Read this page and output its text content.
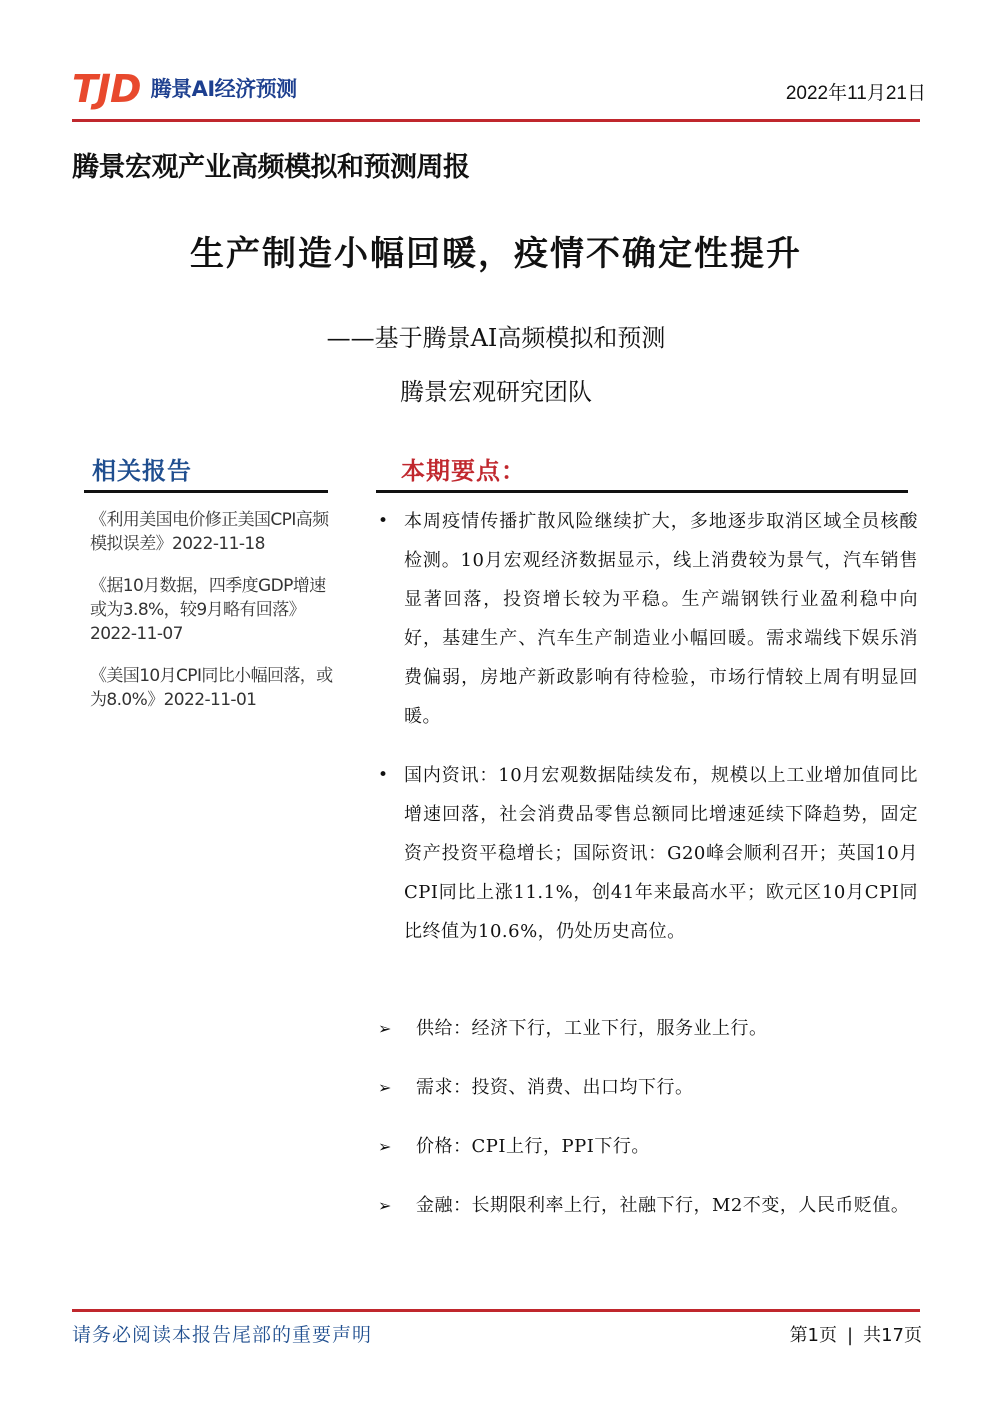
TJD 腾景AI经济预测	2022年11月21日
腾景宏观产业高频模拟和预测周报
生产制造小幅回暖，疫情不确定性提升
——基于腾景AI高频模拟和预测
腾景宏观研究团队
相关报告
《利用美国电价修正美国CPI高频模拟误差》2022-11-18
《据10月数据，四季度GDP增速或为3.8%，较9月略有回落》2022-11-07
《美国10月CPI同比小幅回落，或为8.0%》2022-11-01
本期要点：
• 本周疫情传播扩散风险继续扩大，多地逐步取消区域全员核酸检测。10月宏观经济数据显示，线上消费较为景气，汽车销售显著回落，投资增长较为平稳。生产端钢铁行业盈利稳中向好，基建生产、汽车生产制造业小幅回暖。需求端线下娱乐消费偏弱，房地产新政影响有待检验，市场行情较上周有明显回暖。
• 国内资讯：10月宏观数据陆续发布，规模以上工业增加值同比增速回落，社会消费品零售总额同比增速延续下降趋势，固定资产投资平稳增长；国际资讯：G20峰会顺利召开；英国10月CPI同比上涨11.1%，创41年来最高水平；欧元区10月CPI同比终值为10.6%，仍处历史高位。
➢ 供给：经济下行，工业下行，服务业上行。
➢ 需求：投资、消费、出口均下行。
➢ 价格：CPI上行，PPI下行。
➢ 金融：长期限利率上行，社融下行，M2不变，人民币贬值。
请务必阅读本报告尾部的重要声明	第1页 | 共17页
